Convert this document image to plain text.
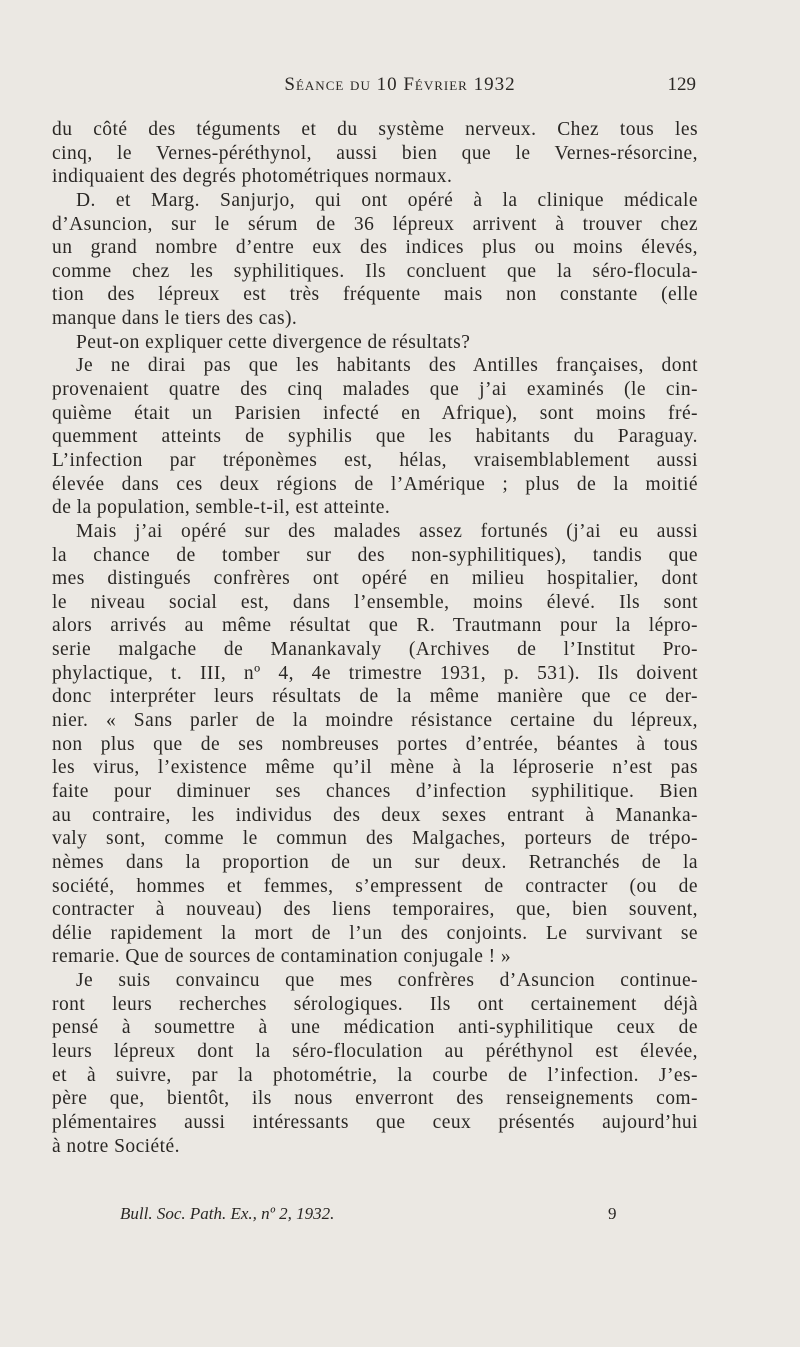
Séance du 10 Février 1932	129
du côté des téguments et du système nerveux. Chez tous les
cinq, le Vernes-péréthynol, aussi bien que le Vernes-résorcine,
indiquaient des degrés photométriques normaux.
D. et Marg. Sanjurjo, qui ont opéré à la clinique médicale
d’Asuncion, sur le sérum de 36 lépreux arrivent à trouver chez
un grand nombre d’entre eux des indices plus ou moins élevés,
comme chez les syphilitiques. Ils concluent que la séro-flocula-
tion des lépreux est très fréquente mais non constante (elle
manque dans le tiers des cas).
Peut-on expliquer cette divergence de résultats?
Je ne dirai pas que les habitants des Antilles françaises, dont
provenaient quatre des cinq malades que j’ai examinés (le cin-
quième était un Parisien infecté en Afrique), sont moins fré-
quemment atteints de syphilis que les habitants du Paraguay.
L’infection par tréponèmes est, hélas, vraisemblablement aussi
élevée dans ces deux régions de l’Amérique ; plus de la moitié
de la population, semble-t-il, est atteinte.
Mais j’ai opéré sur des malades assez fortunés (j’ai eu aussi
la chance de tomber sur des non-syphilitiques), tandis que
mes distingués confrères ont opéré en milieu hospitalier, dont
le niveau social est, dans l’ensemble, moins élevé. Ils sont
alors arrivés au même résultat que R. Trautmann pour la lépro-
serie malgache de Manankavaly (Archives de l’Institut Pro-
phylactique, t. III, nº 4, 4e trimestre 1931, p. 531). Ils doivent
donc interpréter leurs résultats de la même manière que ce der-
nier. « Sans parler de la moindre résistance certaine du lépreux,
non plus que de ses nombreuses portes d’entrée, béantes à tous
les virus, l’existence même qu’il mène à la léproserie n’est pas
faite pour diminuer ses chances d’infection syphilitique. Bien
au contraire, les individus des deux sexes entrant à Mananka-
valy sont, comme le commun des Malgaches, porteurs de trépo-
nèmes dans la proportion de un sur deux. Retranchés de la
société, hommes et femmes, s’empressent de contracter (ou de
contracter à nouveau) des liens temporaires, que, bien souvent,
délie rapidement la mort de l’un des conjoints. Le survivant se
remarie. Que de sources de contamination conjugale ! »
Je suis convaincu que mes confrères d’Asuncion continue-
ront leurs recherches sérologiques. Ils ont certainement déjà
pensé à soumettre à une médication anti-syphilitique ceux de
leurs lépreux dont la séro-floculation au péréthynol est élevée,
et à suivre, par la photométrie, la courbe de l’infection. J’es-
père que, bientôt, ils nous enverront des renseignements com-
plémentaires aussi intéressants que ceux présentés aujourd’hui
à notre Société.
Bull. Soc. Path. Ex., nº 2, 1932.	9
